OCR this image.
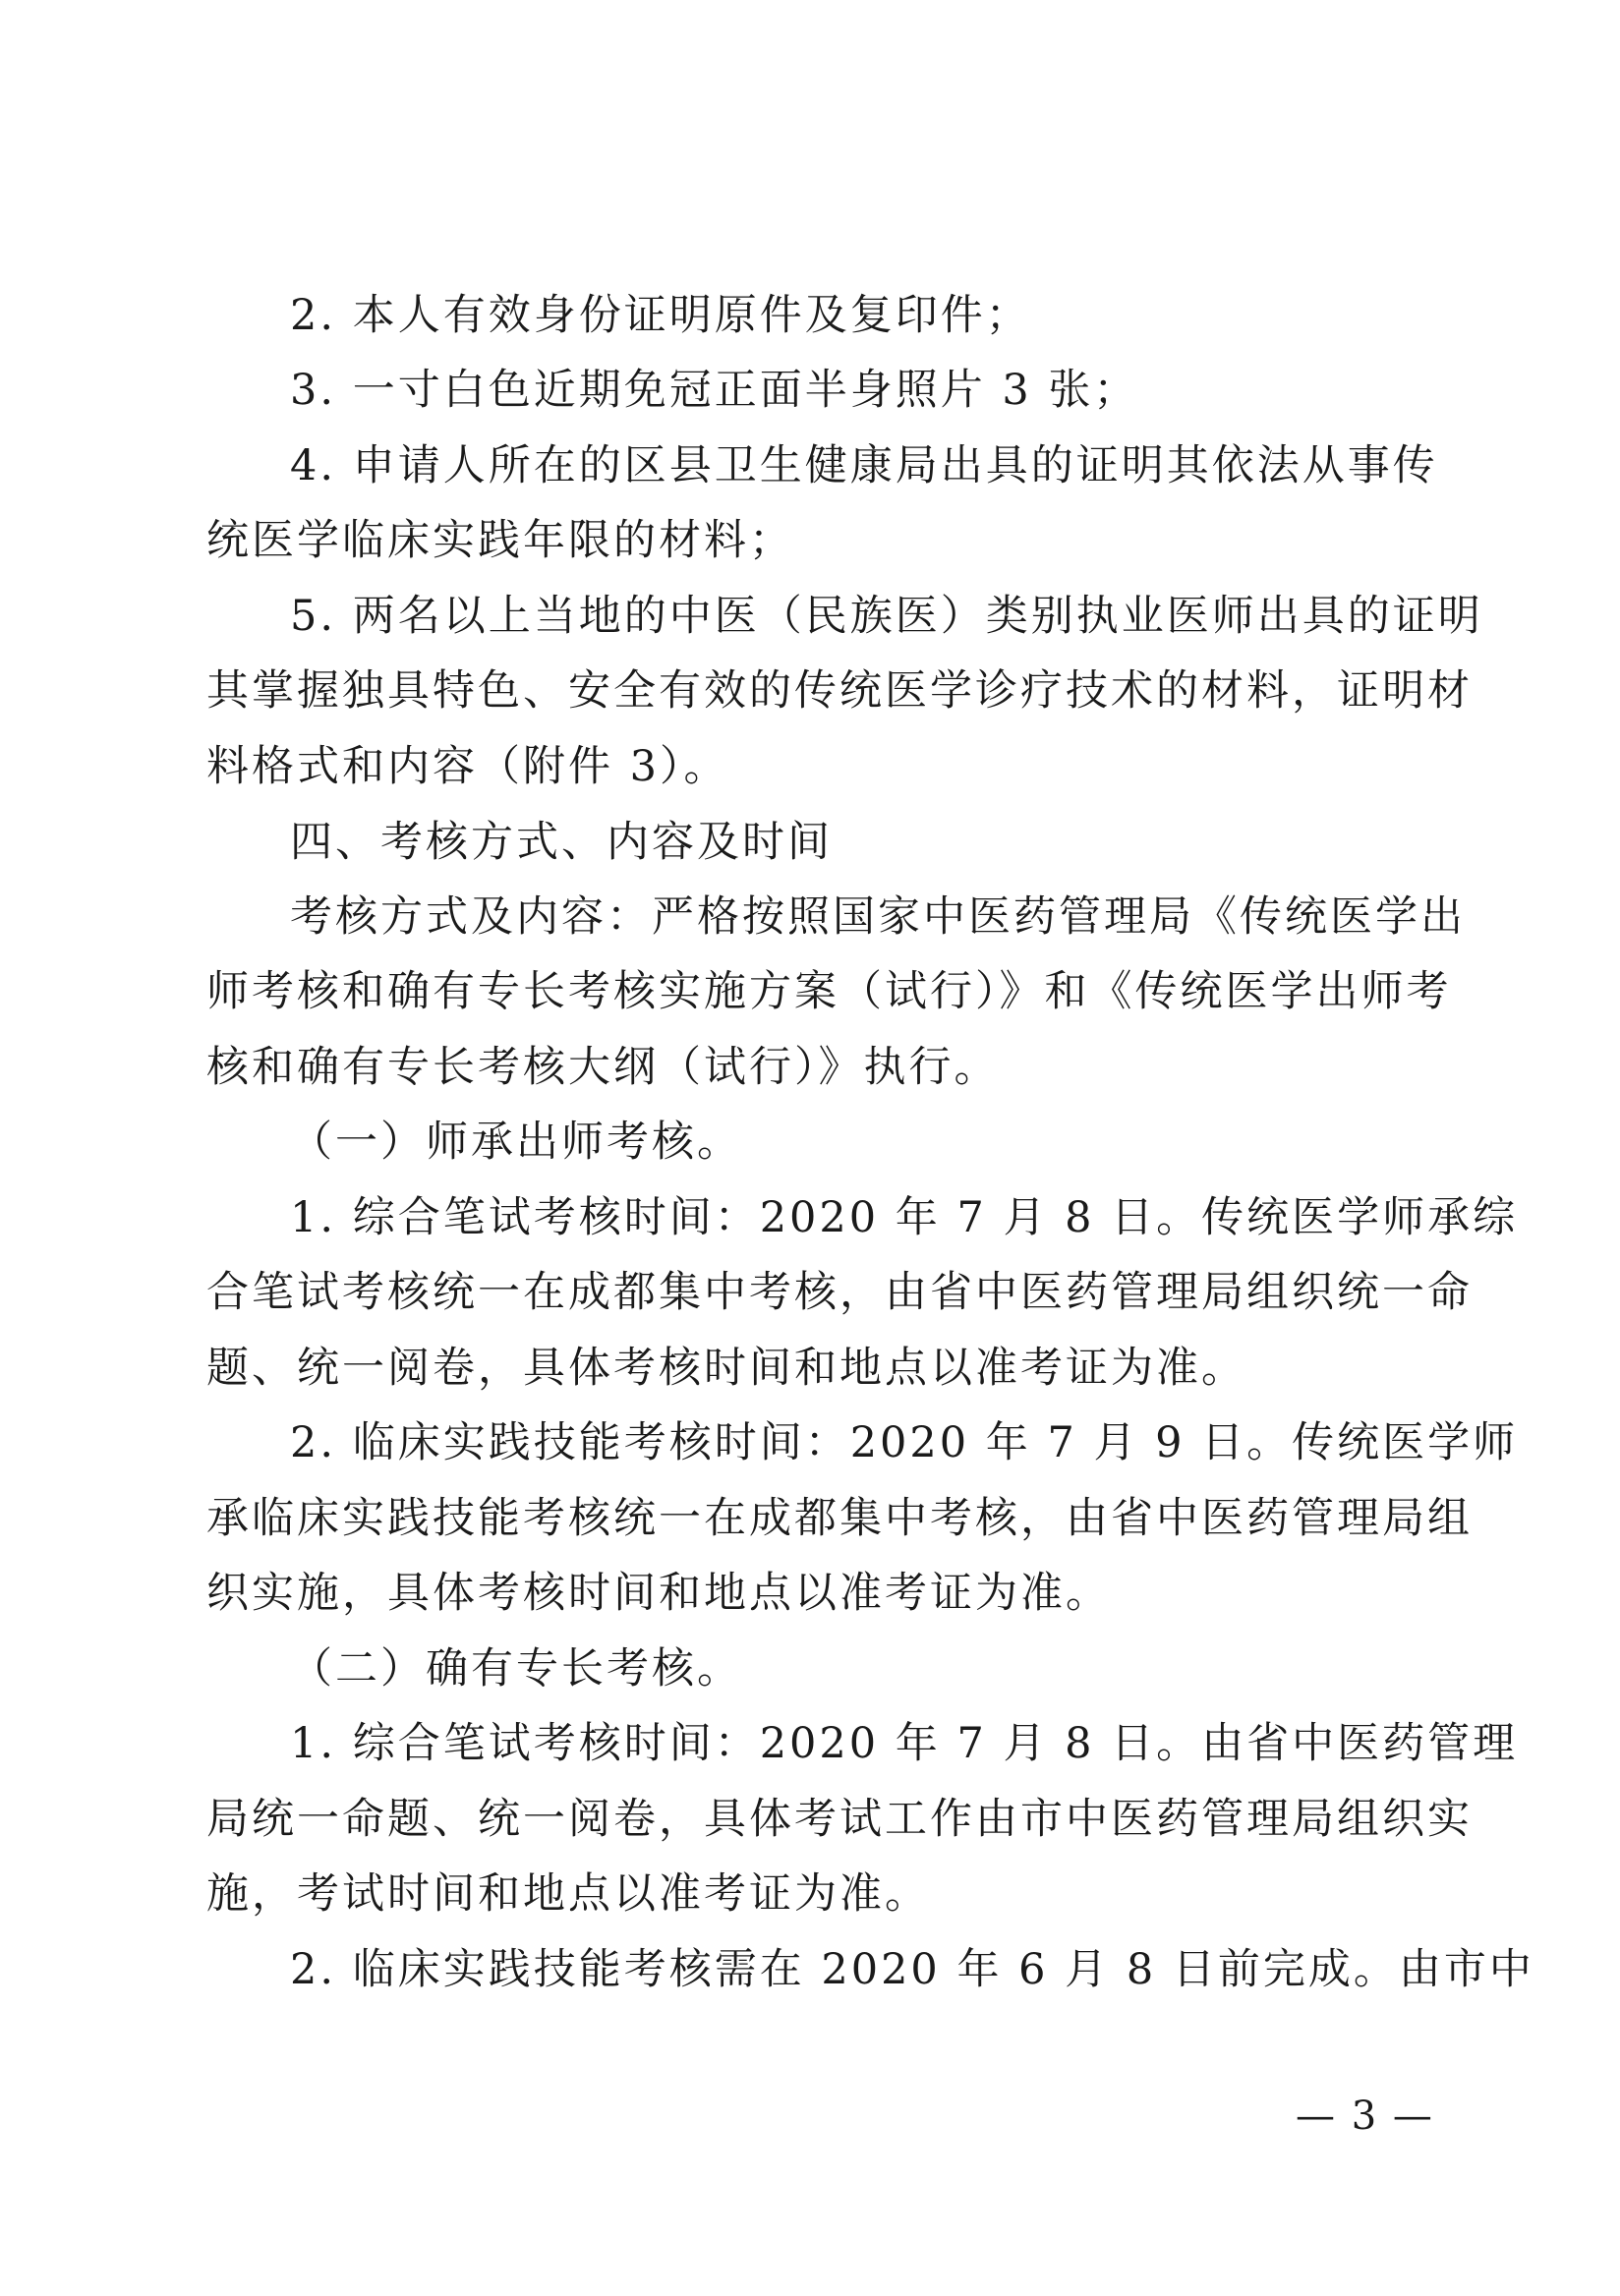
2. 本人有效身份证明原件及复印件；
3. 一寸白色近期免冠正面半身照片 3 张；
4. 申请人所在的区县卫生健康局出具的证明其依法从事传
统医学临床实践年限的材料；
5. 两名以上当地的中医（民族医）类别执业医师出具的证明
其掌握独具特色、安全有效的传统医学诊疗技术的材料，证明材
料格式和内容（附件 3）。
四、考核方式、内容及时间
考核方式及内容：严格按照国家中医药管理局《传统医学出
师考核和确有专长考核实施方案（试行）》和《传统医学出师考
核和确有专长考核大纲（试行）》执行。
（一）师承出师考核。
1. 综合笔试考核时间：2020 年 7 月 8 日。传统医学师承综
合笔试考核统一在成都集中考核，由省中医药管理局组织统一命
题、统一阅卷，具体考核时间和地点以准考证为准。
2. 临床实践技能考核时间：2020 年 7 月 9 日。传统医学师
承临床实践技能考核统一在成都集中考核，由省中医药管理局组
织实施，具体考核时间和地点以准考证为准。
（二）确有专长考核。
1. 综合笔试考核时间：2020 年 7 月 8 日。由省中医药管理
局统一命题、统一阅卷，具体考试工作由市中医药管理局组织实
施，考试时间和地点以准考证为准。
2. 临床实践技能考核需在 2020 年 6 月 8 日前完成。由市中
— 3 —
